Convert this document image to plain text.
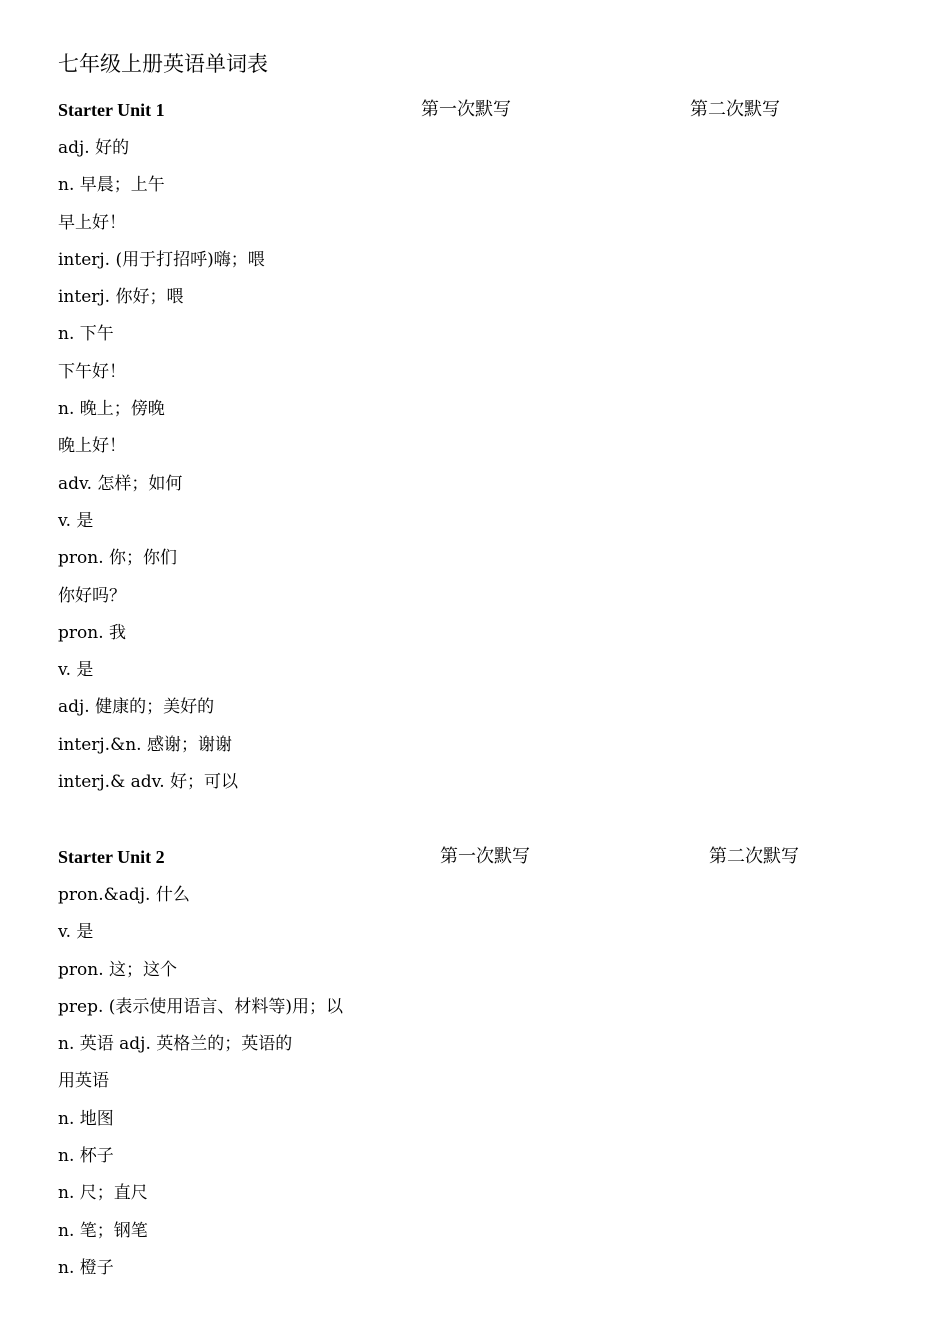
七年级上册英语单词表
Starter Unit 1	第一次默写	第二次默写
adj. 好的
n. 早晨；上午
早上好！
interj. (用于打招呼)嗨；喂
interj. 你好；喂
n. 下午
下午好！
n. 晚上；傍晚
晚上好！
adv. 怎样；如何
v. 是
pron. 你；你们
你好吗？
pron. 我
v. 是
adj. 健康的；美好的
interj.&n. 感谢；谢谢
interj.& adv. 好；可以
Starter Unit 2	第一次默写	第二次默写
pron.&adj. 什么
v. 是
pron. 这；这个
prep. (表示使用语言、材料等)用；以
n. 英语 adj. 英格兰的；英语的
用英语
n. 地图
n. 杯子
n. 尺；直尺
n. 笔；钢笔
n. 橙子
